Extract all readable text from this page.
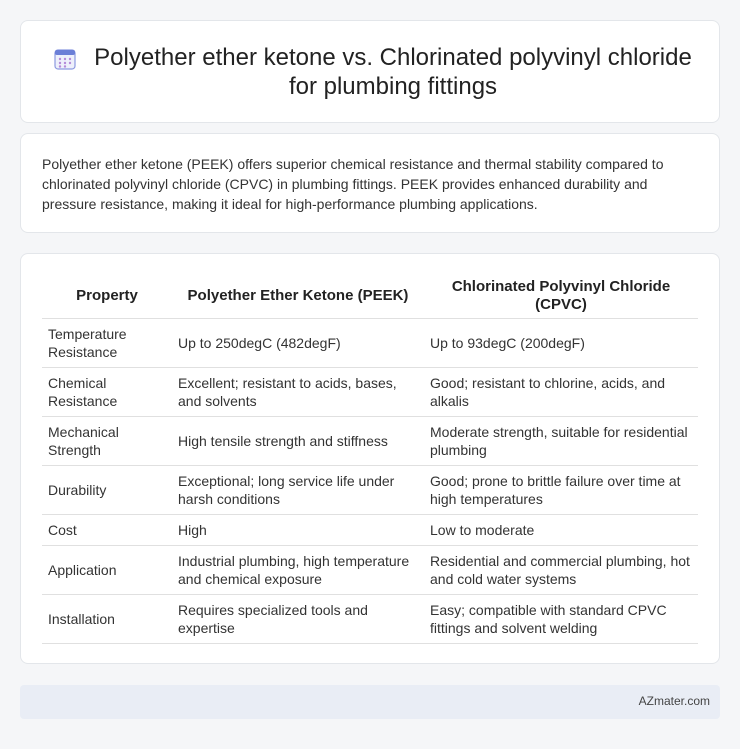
Polyether ether ketone vs. Chlorinated polyvinyl chloride
for plumbing fittings

Polyether ether ketone (PEEK) offers superior chemical resistance and thermal stability compared to chlorinated polyvinyl chloride (CPVC) in plumbing fittings. PEEK provides enhanced durability and pressure resistance, making it ideal for high-performance plumbing applications.

Property	Polyether Ether Ketone (PEEK)	Chlorinated Polyvinyl Chloride (CPVC)
Temperature Resistance	Up to 250degC (482degF)	Up to 93degC (200degF)
Chemical Resistance	Excellent; resistant to acids, bases, and solvents	Good; resistant to chlorine, acids, and alkalis
Mechanical Strength	High tensile strength and stiffness	Moderate strength, suitable for residential plumbing
Durability	Exceptional; long service life under harsh conditions	Good; prone to brittle failure over time at high temperatures
Cost	High	Low to moderate
Application	Industrial plumbing, high temperature and chemical exposure	Residential and commercial plumbing, hot and cold water systems
Installation	Requires specialized tools and expertise	Easy; compatible with standard CPVC fittings and solvent welding
AZmater.com
